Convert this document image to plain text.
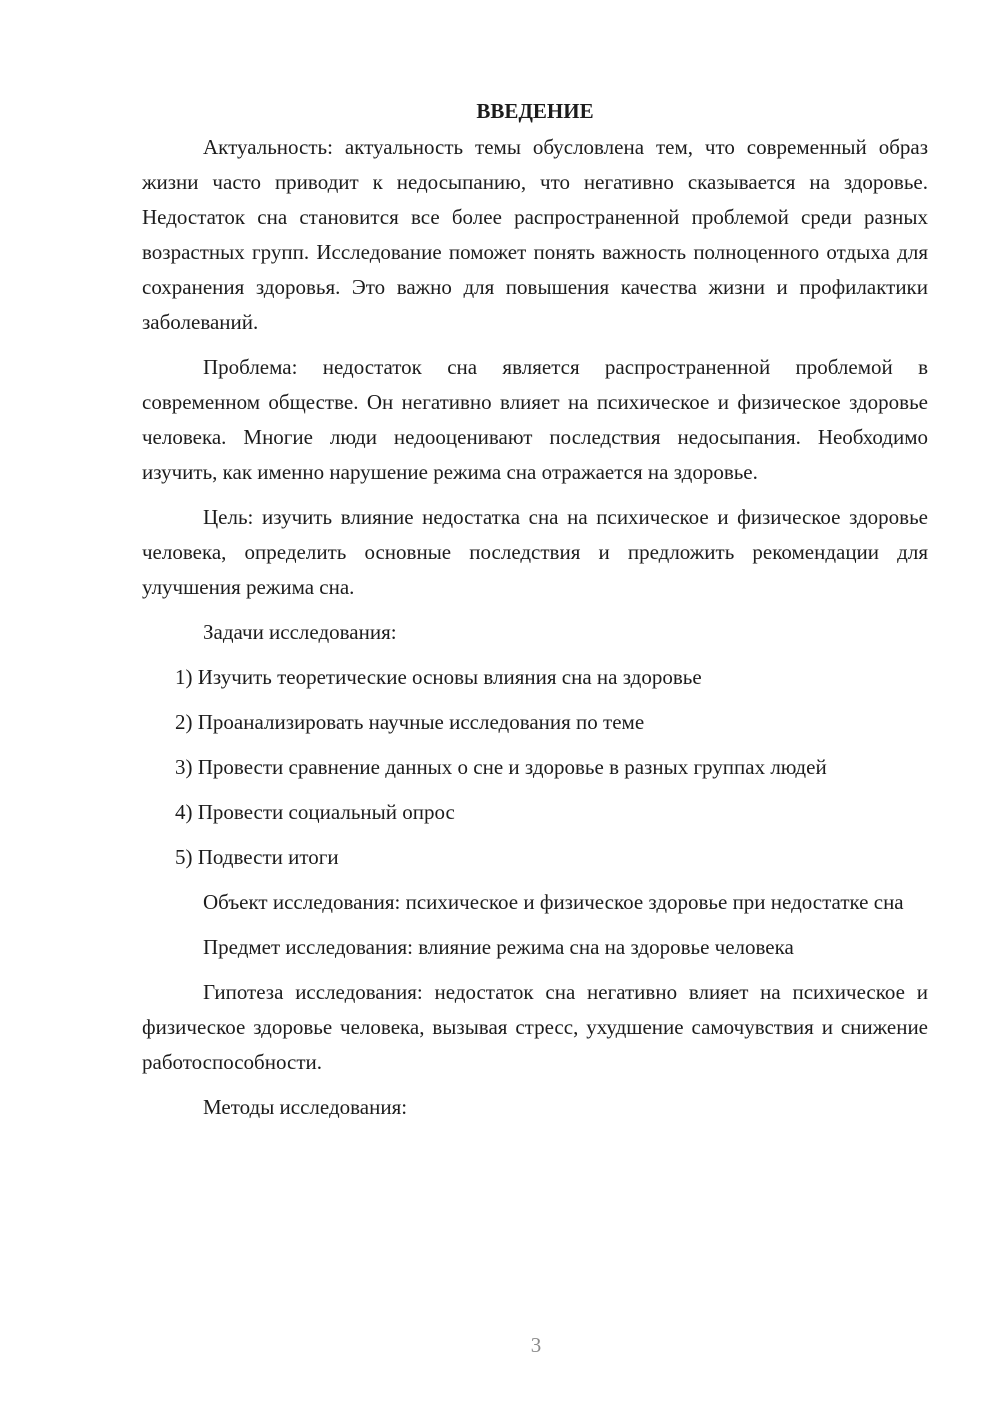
ВВЕДЕНИЕ

Актуальность: актуальность темы обусловлена тем, что современный образ жизни часто приводит к недосыпанию, что негативно сказывается на здоровье. Недостаток сна становится все более распространенной проблемой среди разных возрастных групп. Исследование поможет понять важность полноценного отдыха для сохранения здоровья. Это важно для повышения качества жизни и профилактики заболеваний.

Проблема: недостаток сна является распространенной проблемой в современном обществе. Он негативно влияет на психическое и физическое здоровье человека. Многие люди недооценивают последствия недосыпания. Необходимо изучить, как именно нарушение режима сна отражается на здоровье.

Цель: изучить влияние недостатка сна на психическое и физическое здоровье человека, определить основные последствия и предложить рекомендации для улучшения режима сна.

Задачи исследования:

1) Изучить теоретические основы влияния сна на здоровье

2) Проанализировать научные исследования по теме

3) Провести сравнение данных о сне и здоровье в разных группах людей

4) Провести социальный опрос

5) Подвести итоги

Объект исследования: психическое и физическое здоровье при недостатке сна

Предмет исследования: влияние режима сна на здоровье человека

Гипотеза исследования: недостаток сна негативно влияет на психическое и физическое здоровье человека, вызывая стресс, ухудшение самочувствия и снижение работоспособности.

Методы исследования:

3
